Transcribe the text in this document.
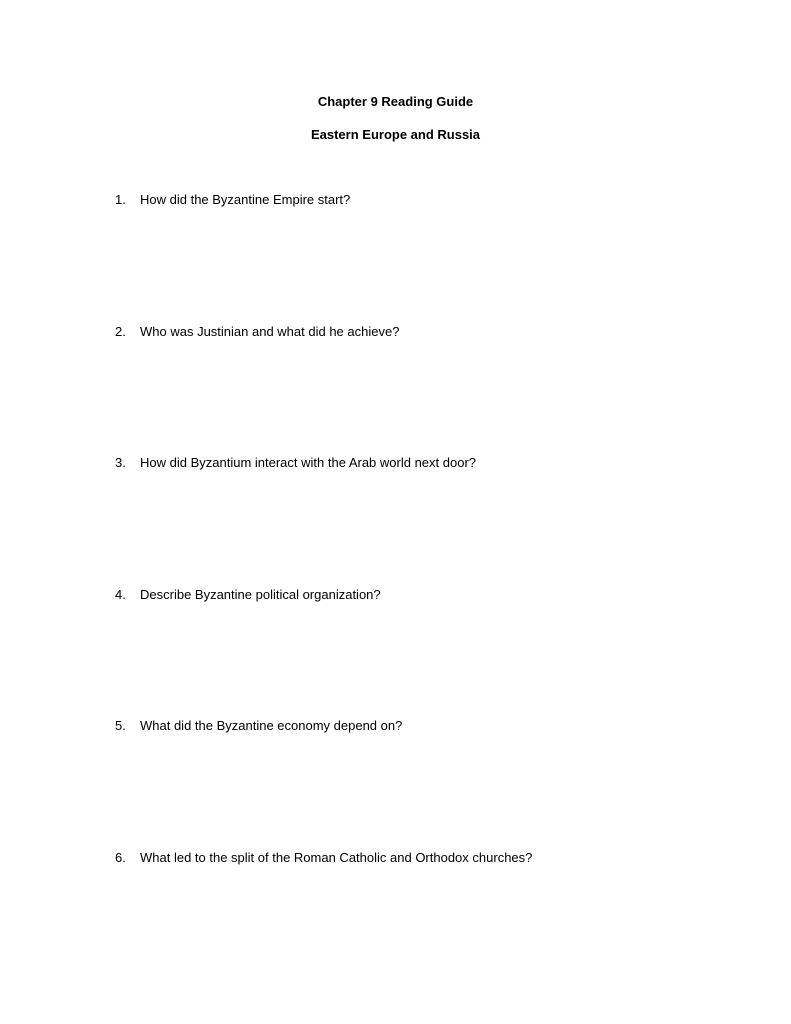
Chapter 9 Reading Guide
Eastern Europe and Russia
1. How did the Byzantine Empire start?
2. Who was Justinian and what did he achieve?
3. How did Byzantium interact with the Arab world next door?
4. Describe Byzantine political organization?
5. What did the Byzantine economy depend on?
6. What led to the split of the Roman Catholic and Orthodox churches?
